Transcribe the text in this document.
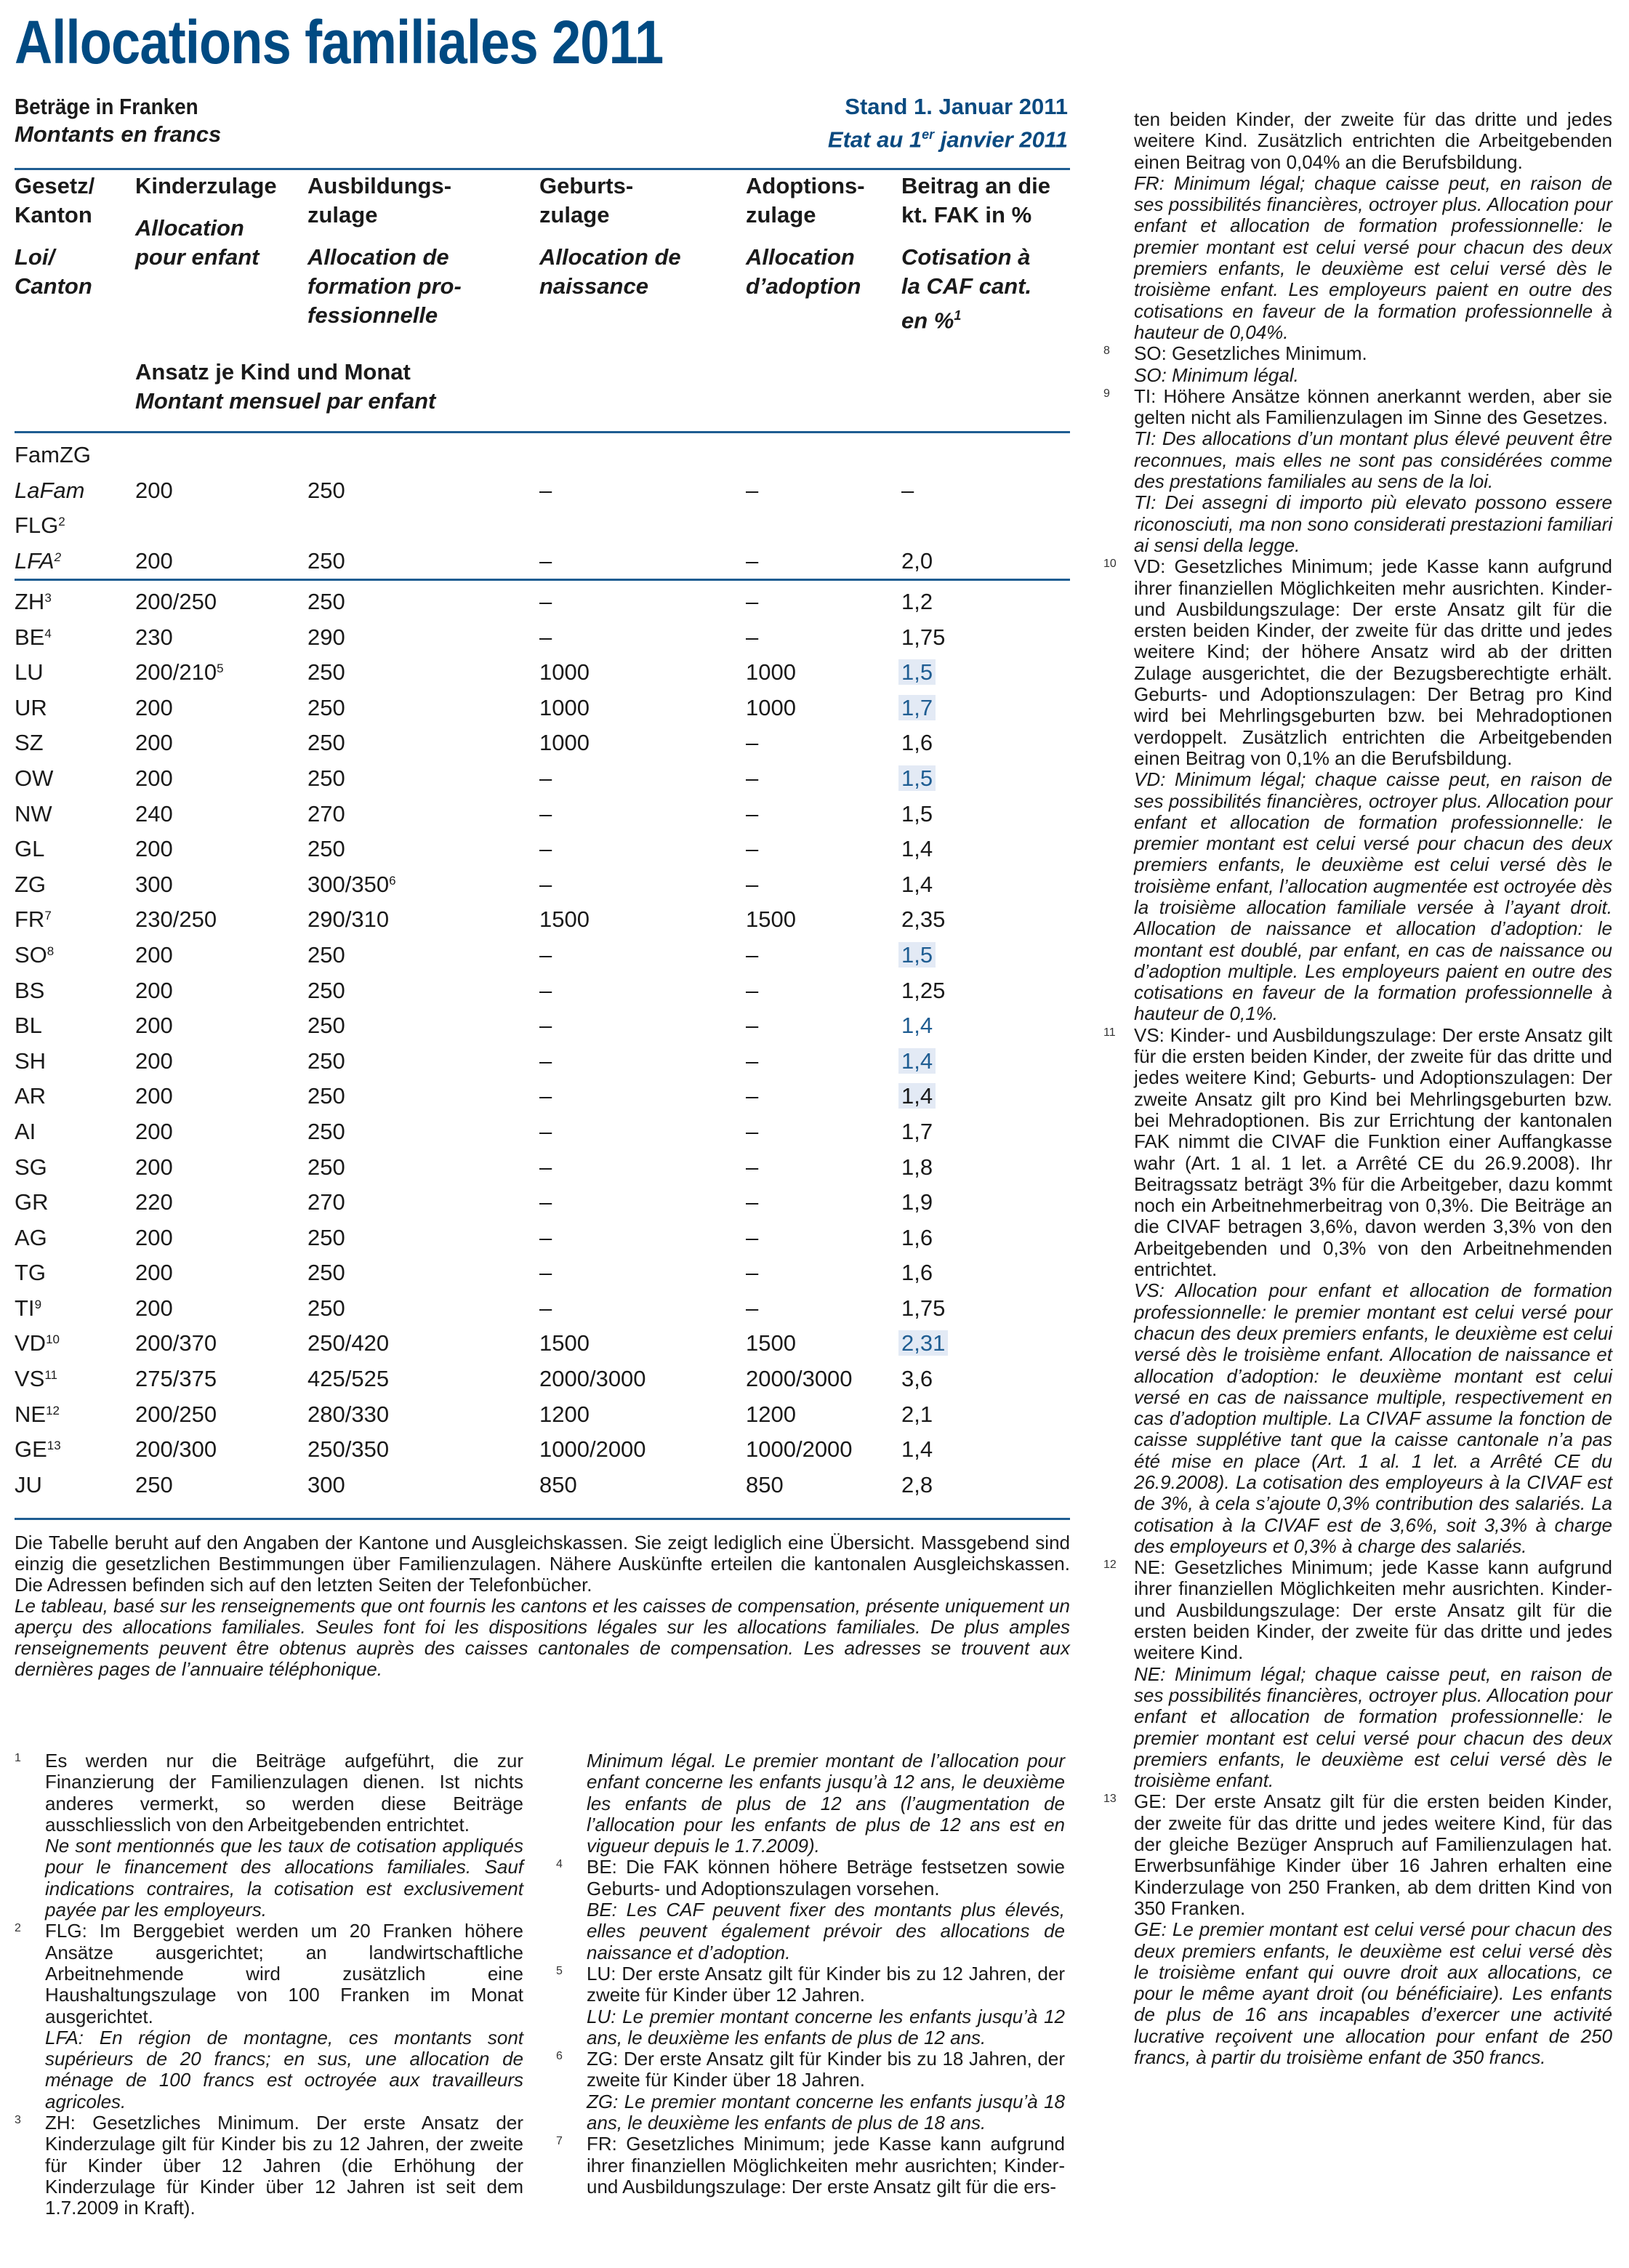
Allocations familiales 2011
Beträge in Franken
Montants en francs
Stand 1. Januar 2011
Etat au 1er janvier 2011
Gesetz/ Kanton
Loi/ Canton
Kinderzulage
Allocation pour enfant
Ausbildungs- zulage
Allocation de formation pro- fessionnelle
Geburts- zulage
Allocation de naissance
Adoptions- zulage
Allocation d’adoption
Beitrag an die kt. FAK in %
Cotisation à la CAF cant. en %$^1$
Ansatz je Kind und Monat
Montant mensuel par enfant
FamZG
LaFam 200	250	–	–	–
FLG$^2$
LFA$^2$	200	250	–	–	2,0
$ZH^3$	200/250	250	–	–	1,2
$BE^4$	230	290	–	–	1,75
LU	$200/210^5$	250	1000	1000	1,5
UR	200	250	1000	1000	1,7
SZ	200	250	1000	–	1,6
OW	200	250	–	–	1,5
NW	240	270	–	–	1,5
GL	200	250	–	–	1,4
ZG	300	$300/350^6$	–	–	1,4
$FR^7$	230/250	290/310	1500	1500	2,35
$SO^8$	200	250	–	–	1,5
BS	200	250	–	–	1,25
BL	200	250	–	–	1,4
SH	200	250	–	–	1,4
AR	200	250	–	–	1,4
AI	200	250	–	–	1,7
SG	200	250	–	–	1,8
GR	220	270	–	–	1,9
AG	200	250	–	–	1,6
TG	200	250	–	–	1,6
$TI^9$	200	250	–	–	1,75
VD$^{10}$	200/370	250/420	1500	1500	2,31
VS$^{11}$	275/375	425/525	2000/3000	2000/3000 3,6
NE$^{12}$	200/250	280/330	1200	1200	2,1
GE$^{13}$	200/300	250/350	1000/2000	1000/2000 1,4
JU	250	300	850	850	2,8

Die Tabelle beruht auf den Angaben der Kantone und Ausgleichskassen. Sie zeigt lediglich eine Übersicht. Massgebend sind einzig die gesetzlichen Bestimmungen über Familienzulagen. Nähere Auskünfte erteilen die kantonalen Ausgleichskassen. Die Adressen befinden sich auf den letzten Seiten der Telefonbücher.

Le tableau, basé sur les renseignements que ont fournis les cantons et les caisses de compensation, présente uniquement un aperçu des allocations familiales. Seules font foi les dispositions légales sur les allocations familiales. De plus amples renseignements peuvent être obtenus auprès des caisses cantonales de compensation. Les adresses se trouvent aux dernières pages de l’annuaire téléphonique.

1 Es werden nur die Beiträge aufgeführt, die zur Finanzierung der Familienzulagen dienen. Ist nichts anderes vermerkt, so werden diese Beiträge ausschliesslich von den Arbeitgebenden entrichtet.

Ne sont mentionnés que les taux de cotisation appliqués pour le financement des allocations familiales. Sauf indications contraires, la cotisation est exclusivement payée par les employeurs.

2 FLG: Im Berggebiet werden um 20 Franken höhere Ansätze ausgerichtet; an landwirtschaftliche Arbeitnehmende wird zusätzlich eine Haushaltungszulage von 100 Franken im Monat ausgerichtet.

LFA: En région de montagne, ces montants sont supérieurs de 20 francs; en sus, une allocation de ménage de 100 francs est octroyée aux travailleurs agricoles.

3 ZH: Gesetzliches Minimum. Der erste Ansatz der Kinderzulage gilt für Kinder bis zu 12 Jahren, der zweite für Kinder über 12 Jahren (die Erhöhung der Kinderzulage für Kinder über 12 Jahren ist seit dem 1.7.2009 in Kraft).

Minimum légal. Le premier montant de l’allocation pour enfant concerne les enfants jusqu’à 12 ans, le deuxième les enfants de plus de 12 ans (l’augmentation de l’allocation pour les enfants de plus de 12 ans est en vigueur depuis le 1.7.2009).

4 BE: Die FAK können höhere Beträge festsetzen sowie Geburts- und Adoptionszulagen vorsehen.

BE: Les CAF peuvent fixer des montants plus élevés, elles peuvent également prévoir des allocations de naissance et d’adoption.

5 LU: Der erste Ansatz gilt für Kinder bis zu 12 Jahren, der zweite für Kinder über 12 Jahren.

LU: Le premier montant concerne les enfants jusqu’à 12 ans, le deuxième les enfants de plus de 12 ans.

6 ZG: Der erste Ansatz gilt für Kinder bis zu 18 Jahren, der zweite für Kinder über 18 Jahren.

ZG: Le premier montant concerne les enfants jusqu’à 18 ans, le deuxième les enfants de plus de 18 ans.

7 FR: Gesetzliches Minimum; jede Kasse kann aufgrund ihrer finanziellen Möglichkeiten mehr ausrichten; Kinder- und Ausbildungszulage: Der erste Ansatz gilt für die ers-

ten beiden Kinder, der zweite für das dritte und jedes weitere Kind. Zusätzlich entrichten die Arbeitgebenden einen Beitrag von 0,04% an die Berufsbildung.

FR: Minimum légal; chaque caisse peut, en raison de ses possibilités financières, octroyer plus. Allocation pour enfant et allocation de formation professionnelle: le premier montant est celui versé pour chacun des deux premiers enfants, le deuxième est celui versé dès le troisième enfant. Les employeurs paient en outre des cotisations en faveur de la formation professionnelle à hauteur de 0,04%.

8 SO: Gesetzliches Minimum.

SO: Minimum légal.

9 TI: Höhere Ansätze können anerkannt werden, aber sie gelten nicht als Familienzulagen im Sinne des Gesetzes.

TI: Des allocations d’un montant plus élevé peuvent être reconnues, mais elles ne sont pas considérées comme des prestations familiales au sens de la loi.

TI: Dei assegni di importo più elevato possono essere riconosciuti, ma non sono considerati prestazioni familiari ai sensi della legge.

10 VD: Gesetzliches Minimum; jede Kasse kann aufgrund ihrer finanziellen Möglichkeiten mehr ausrichten. Kinder- und Ausbildungszulage: Der erste Ansatz gilt für die ersten beiden Kinder, der zweite für das dritte und jedes weitere Kind; der höhere Ansatz wird ab der dritten Zulage ausgerichtet, die der Bezugsberechtigte erhält. Geburts- und Adoptionszulagen: Der Betrag pro Kind wird bei Mehrlingsgeburten bzw. bei Mehradoptionen verdoppelt. Zusätzlich entrichten die Arbeitgebenden einen Beitrag von 0,1% an die Berufsbildung.

VD: Minimum légal; chaque caisse peut, en raison de ses possibilités financières, octroyer plus. Allocation pour enfant et allocation de formation professionnelle: le premier montant est celui versé pour chacun des deux premiers enfants, le deuxième est celui versé dès le troisième enfant, l’allocation augmentée est octroyée dès la troisième allocation familiale versée à l’ayant droit. Allocation de naissance et allocation d’adoption: le montant est doublé, par enfant, en cas de naissance ou d’adoption multiple. Les employeurs paient en outre des cotisations en faveur de la formation professionnelle à hauteur de 0,1%.

11 VS: Kinder- und Ausbildungszulage: Der erste Ansatz gilt für die ersten beiden Kinder, der zweite für das dritte und jedes weitere Kind; Geburts- und Adoptionszulagen: Der zweite Ansatz gilt pro Kind bei Mehrlingsgeburten bzw. bei Mehradoptionen. Bis zur Errichtung der kantonalen FAK nimmt die CIVAF die Funktion einer Auffangkasse wahr (Art. 1 al. 1 let. a Arrêté CE du 26.9.2008). Ihr Beitragssatz beträgt 3% für die Arbeitgeber, dazu kommt noch ein Arbeitnehmerbeitrag von 0,3%. Die Beiträge an die CIVAF betragen 3,6%, davon werden 3,3% von den Arbeitgebenden und 0,3% von den Arbeitnehmenden entrichtet.

VS: Allocation pour enfant et allocation de formation professionnelle: le premier montant est celui versé pour chacun des deux premiers enfants, le deuxième est celui versé dès le troisième enfant. Allocation de naissance et allocation d’adoption: le deuxième montant est celui versé en cas de naissance multiple, respectivement en cas d’adoption multiple. La CIVAF assume la fonction de caisse supplétive tant que la caisse cantonale n’a pas été mise en place (Art. 1 al. 1 let. a Arrêté CE du 26.9.2008). La cotisation des employeurs à la CIVAF est de 3%, à cela s’ajoute 0,3% contribution des salariés. La cotisation à la CIVAF est de 3,6%, soit 3,3% à charge des employeurs et 0,3% à charge des salariés.

12 NE: Gesetzliches Minimum; jede Kasse kann aufgrund ihrer finanziellen Möglichkeiten mehr ausrichten. Kinder- und Ausbildungszulage: Der erste Ansatz gilt für die ersten beiden Kinder, der zweite für das dritte und jedes weitere Kind.

NE: Minimum légal; chaque caisse peut, en raison de ses possibilités financières, octroyer plus. Allocation pour enfant et allocation de formation professionnelle: le premier montant est celui versé pour chacun des deux premiers enfants, le deuxième est celui versé dès le troisième enfant.

13 GE: Der erste Ansatz gilt für die ersten beiden Kinder, der zweite für das dritte und jedes weitere Kind, für das der gleiche Bezüger Anspruch auf Familienzulagen hat. Erwerbsunfähige Kinder über 16 Jahren erhalten eine Kinderzulage von 250 Franken, ab dem dritten Kind von 350 Franken.

GE: Le premier montant est celui versé pour chacun des deux premiers enfants, le deuxième est celui versé dès le troisième enfant qui ouvre droit aux allocations, ce pour le même ayant droit (ou bénéficiaire). Les enfants de plus de 16 ans incapables d’exercer une activité lucrative reçoivent une allocation pour enfant de 250 francs, à partir du troisième enfant de 350 francs.
